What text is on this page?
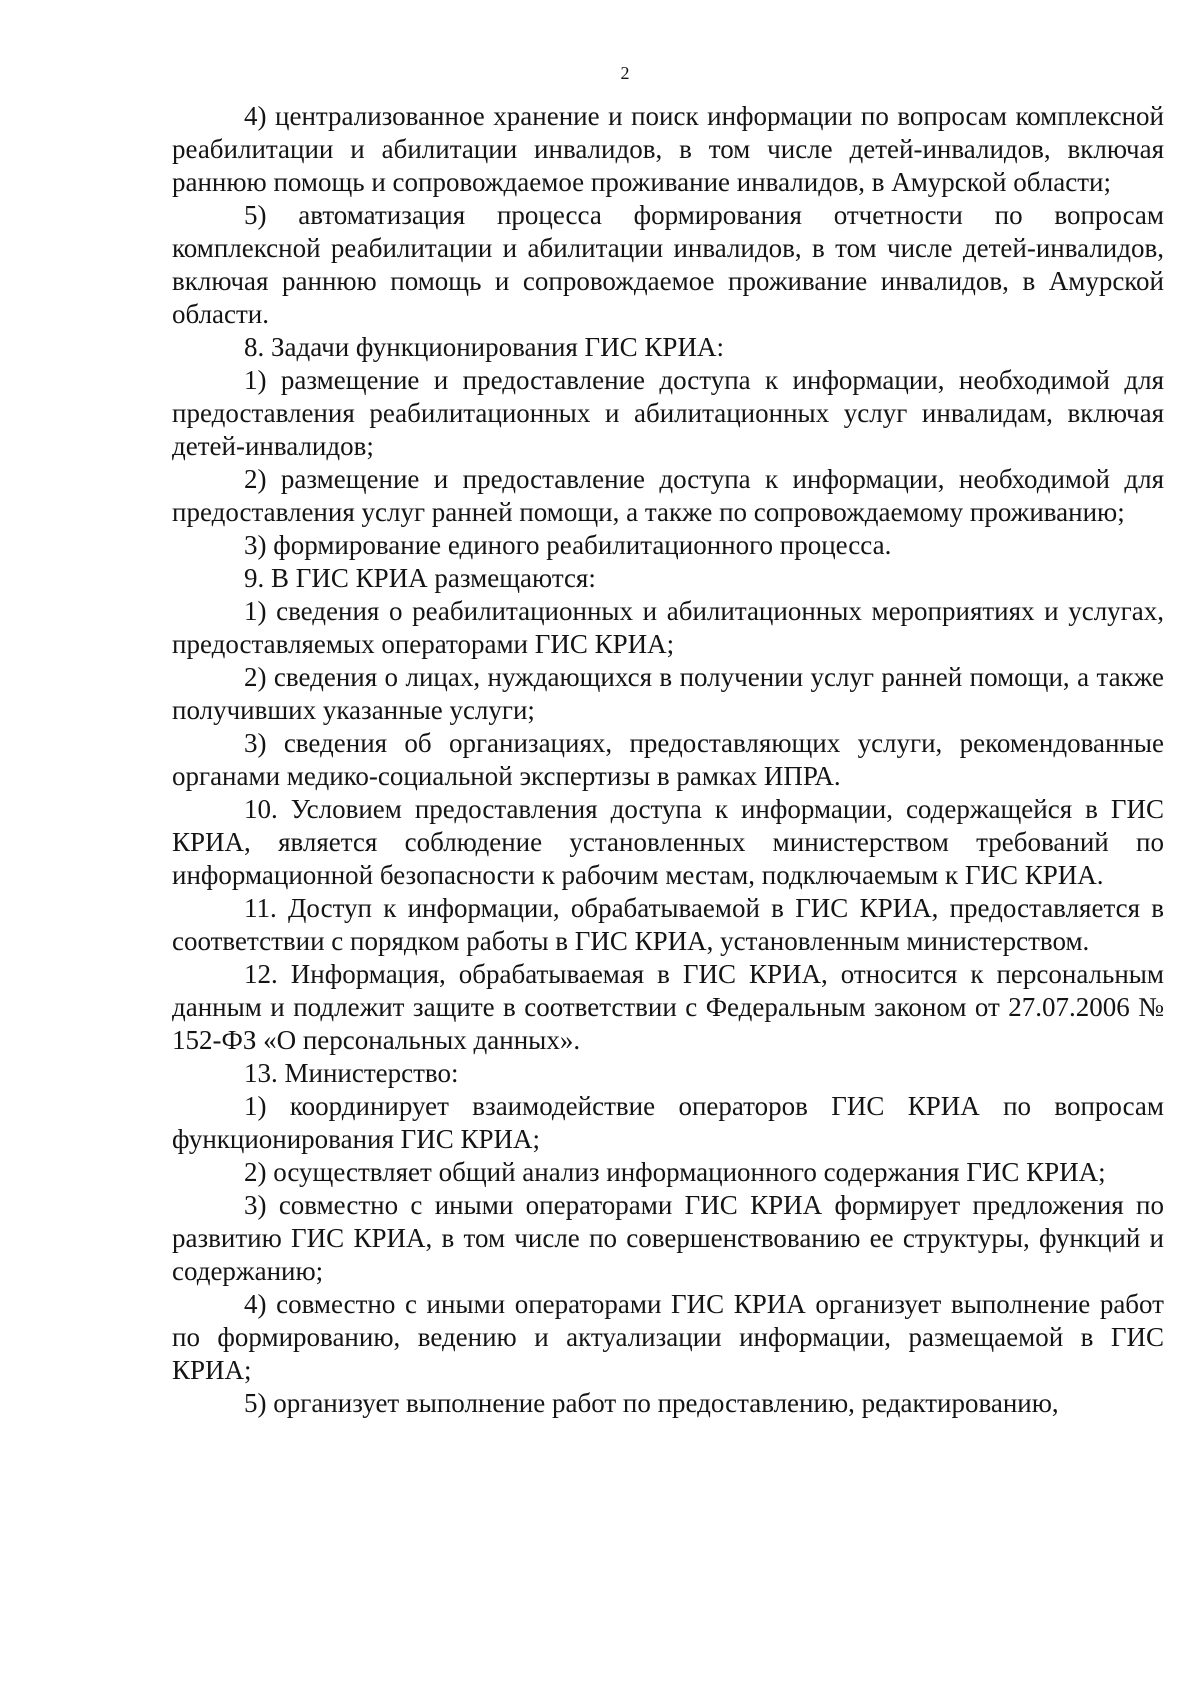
2

4) централизованное хранение и поиск информации по вопросам комплексной реабилитации и абилитации инвалидов, в том числе детей-инвалидов, включая раннюю помощь и сопровождаемое проживание инвалидов, в Амурской области;

5) автоматизация процесса формирования отчетности по вопросам комплексной реабилитации и абилитации инвалидов, в том числе детей-инвалидов, включая раннюю помощь и сопровождаемое проживание инвалидов, в Амурской области.

8. Задачи функционирования ГИС КРИА:

1) размещение и предоставление доступа к информации, необходимой для предоставления реабилитационных и абилитационных услуг инвалидам, включая детей-инвалидов;

2) размещение и предоставление доступа к информации, необходимой для предоставления услуг ранней помощи, а также по сопровождаемому проживанию;

3) формирование единого реабилитационного процесса.

9. В ГИС КРИА размещаются:

1) сведения о реабилитационных и абилитационных мероприятиях и услугах, предоставляемых операторами ГИС КРИА;

2) сведения о лицах, нуждающихся в получении услуг ранней помощи, а также получивших указанные услуги;

3) сведения об организациях, предоставляющих услуги, рекомендованные органами медико-социальной экспертизы в рамках ИПРА.

10. Условием предоставления доступа к информации, содержащейся в ГИС КРИА, является соблюдение установленных министерством требований по информационной безопасности к рабочим местам, подключаемым к ГИС КРИА.

11. Доступ к информации, обрабатываемой в ГИС КРИА, предоставляется в соответствии с порядком работы в ГИС КРИА, установленным министерством.

12. Информация, обрабатываемая в ГИС КРИА, относится к персональным данным и подлежит защите в соответствии с Федеральным законом от 27.07.2006 № 152-ФЗ «О персональных данных».

13. Министерство:

1) координирует взаимодействие операторов ГИС КРИА по вопросам функционирования ГИС КРИА;

2) осуществляет общий анализ информационного содержания ГИС КРИА;

3) совместно с иными операторами ГИС КРИА формирует предложения по развитию ГИС КРИА, в том числе по совершенствованию ее структуры, функций и содержанию;

4) совместно с иными операторами ГИС КРИА организует выполнение работ по формированию, ведению и актуализации информации, размещаемой в ГИС КРИА;

5) организует выполнение работ по предоставлению, редактированию,
